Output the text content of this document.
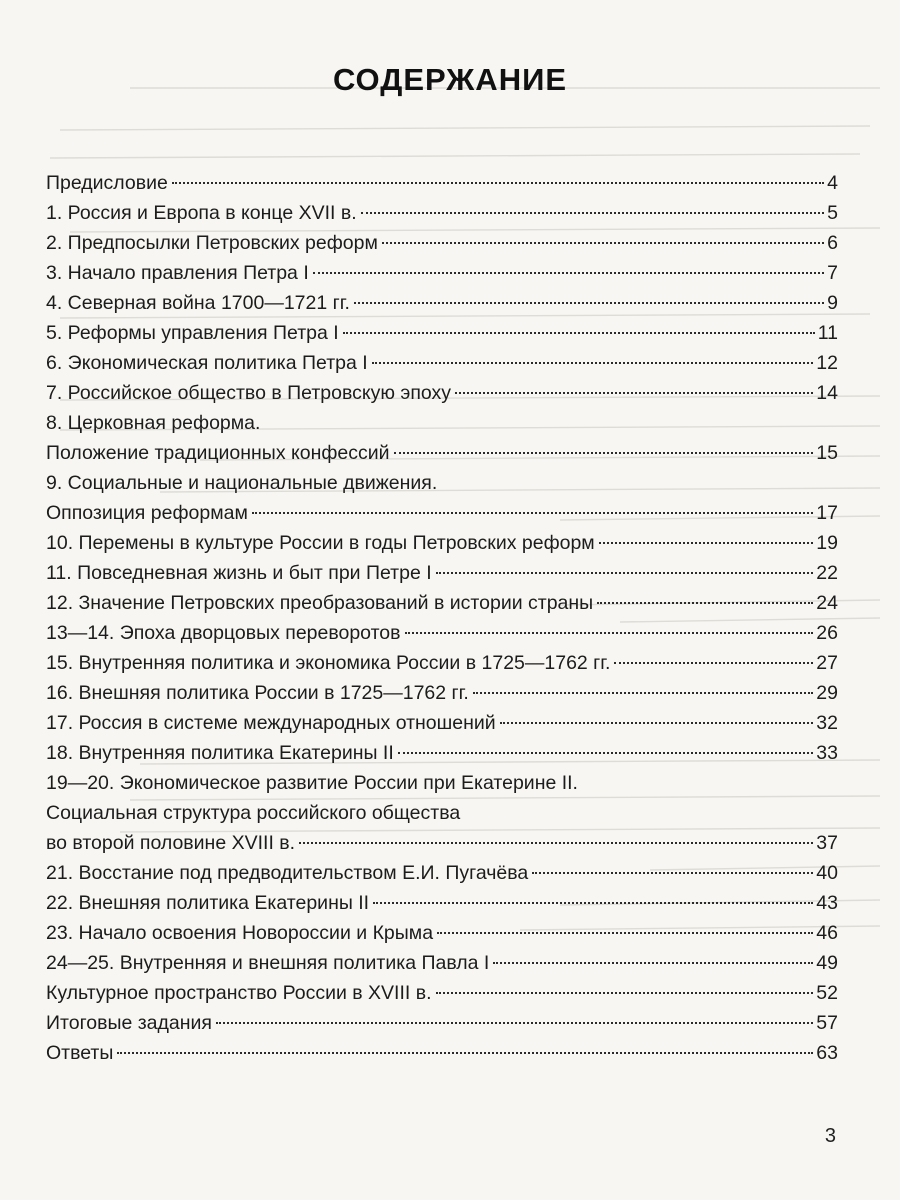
СОДЕРЖАНИЕ
Предисловие	4
1. Россия и Европа в конце XVII в.	5
2. Предпосылки Петровских реформ	6
3. Начало правления Петра I	7
4. Северная война 1700—1721 гг.	9
5. Реформы управления Петра I	11
6. Экономическая политика Петра I	12
7. Российское общество в Петровскую эпоху	14
8. Церковная реформа.
Положение традиционных конфессий	15
9. Социальные и национальные движения.
Оппозиция реформам	17
10. Перемены в культуре России в годы Петровских реформ	19
11. Повседневная жизнь и быт при Петре I	22
12. Значение Петровских преобразований в истории страны	24
13—14. Эпоха дворцовых переворотов	26
15. Внутренняя политика и экономика России в 1725—1762 гг.	27
16. Внешняя политика России в 1725—1762 гг.	29
17. Россия в системе международных отношений	32
18. Внутренняя политика Екатерины II	33
19—20. Экономическое развитие России при Екатерине II.
Социальная структура российского общества
во второй половине XVIII в.	37
21. Восстание под предводительством Е.И. Пугачёва	40
22. Внешняя политика Екатерины II	43
23. Начало освоения Новороссии и Крыма	46
24—25. Внутренняя и внешняя политика Павла I	49
Культурное пространство России в XVIII в.	52
Итоговые задания	57
Ответы	63
3
